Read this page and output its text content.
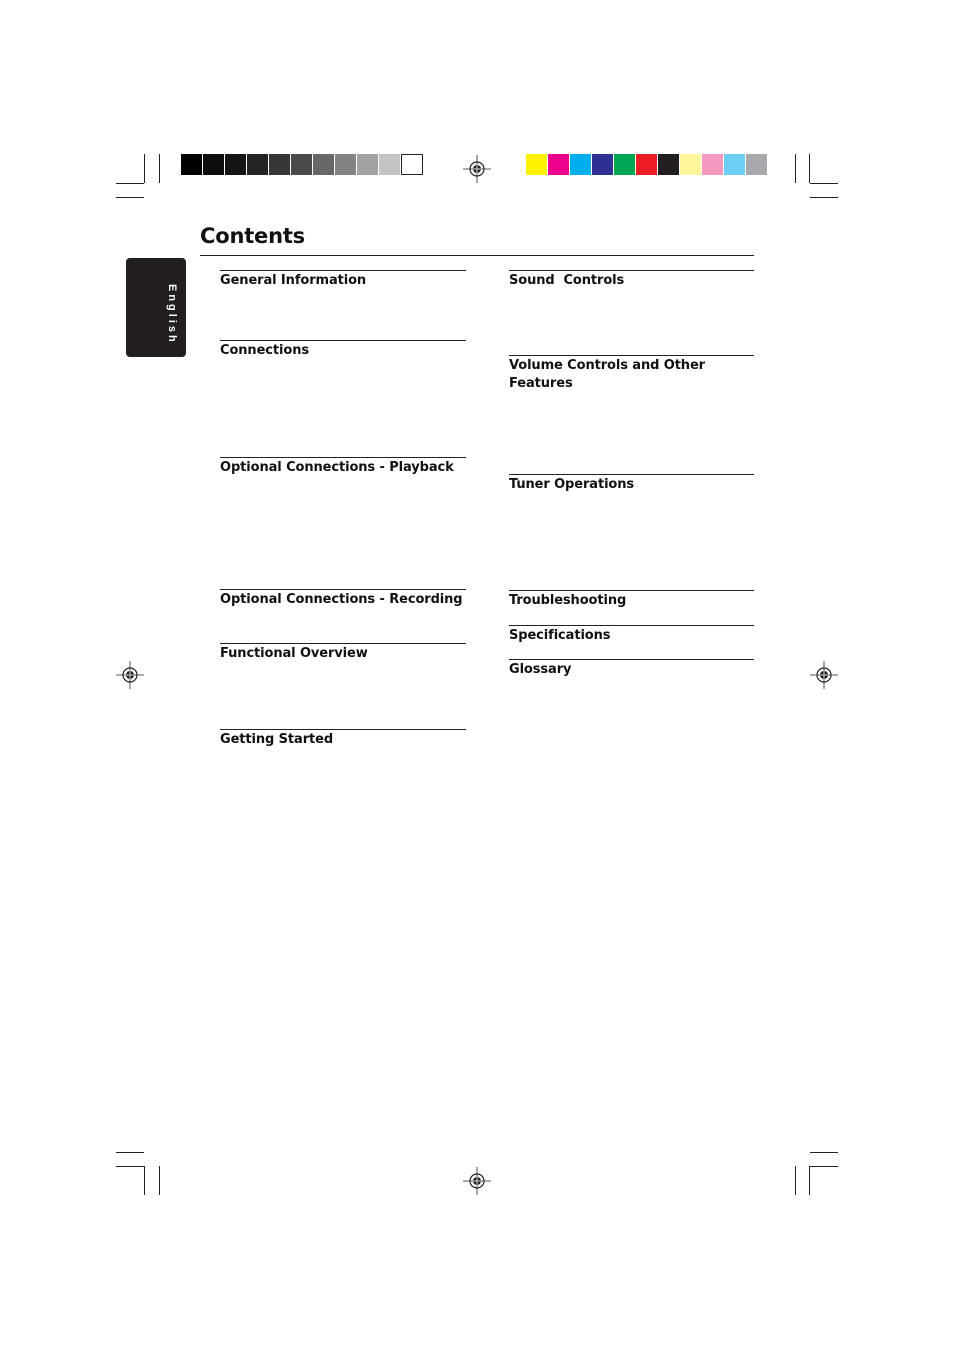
English
Contents
General Information
Connections
Optional Connections - Playback
Optional Connections - Recording
Functional Overview
Getting Started
Sound  Controls
Volume Controls and Other
Features
Tuner Operations
Troubleshooting
Specifications
Glossary
